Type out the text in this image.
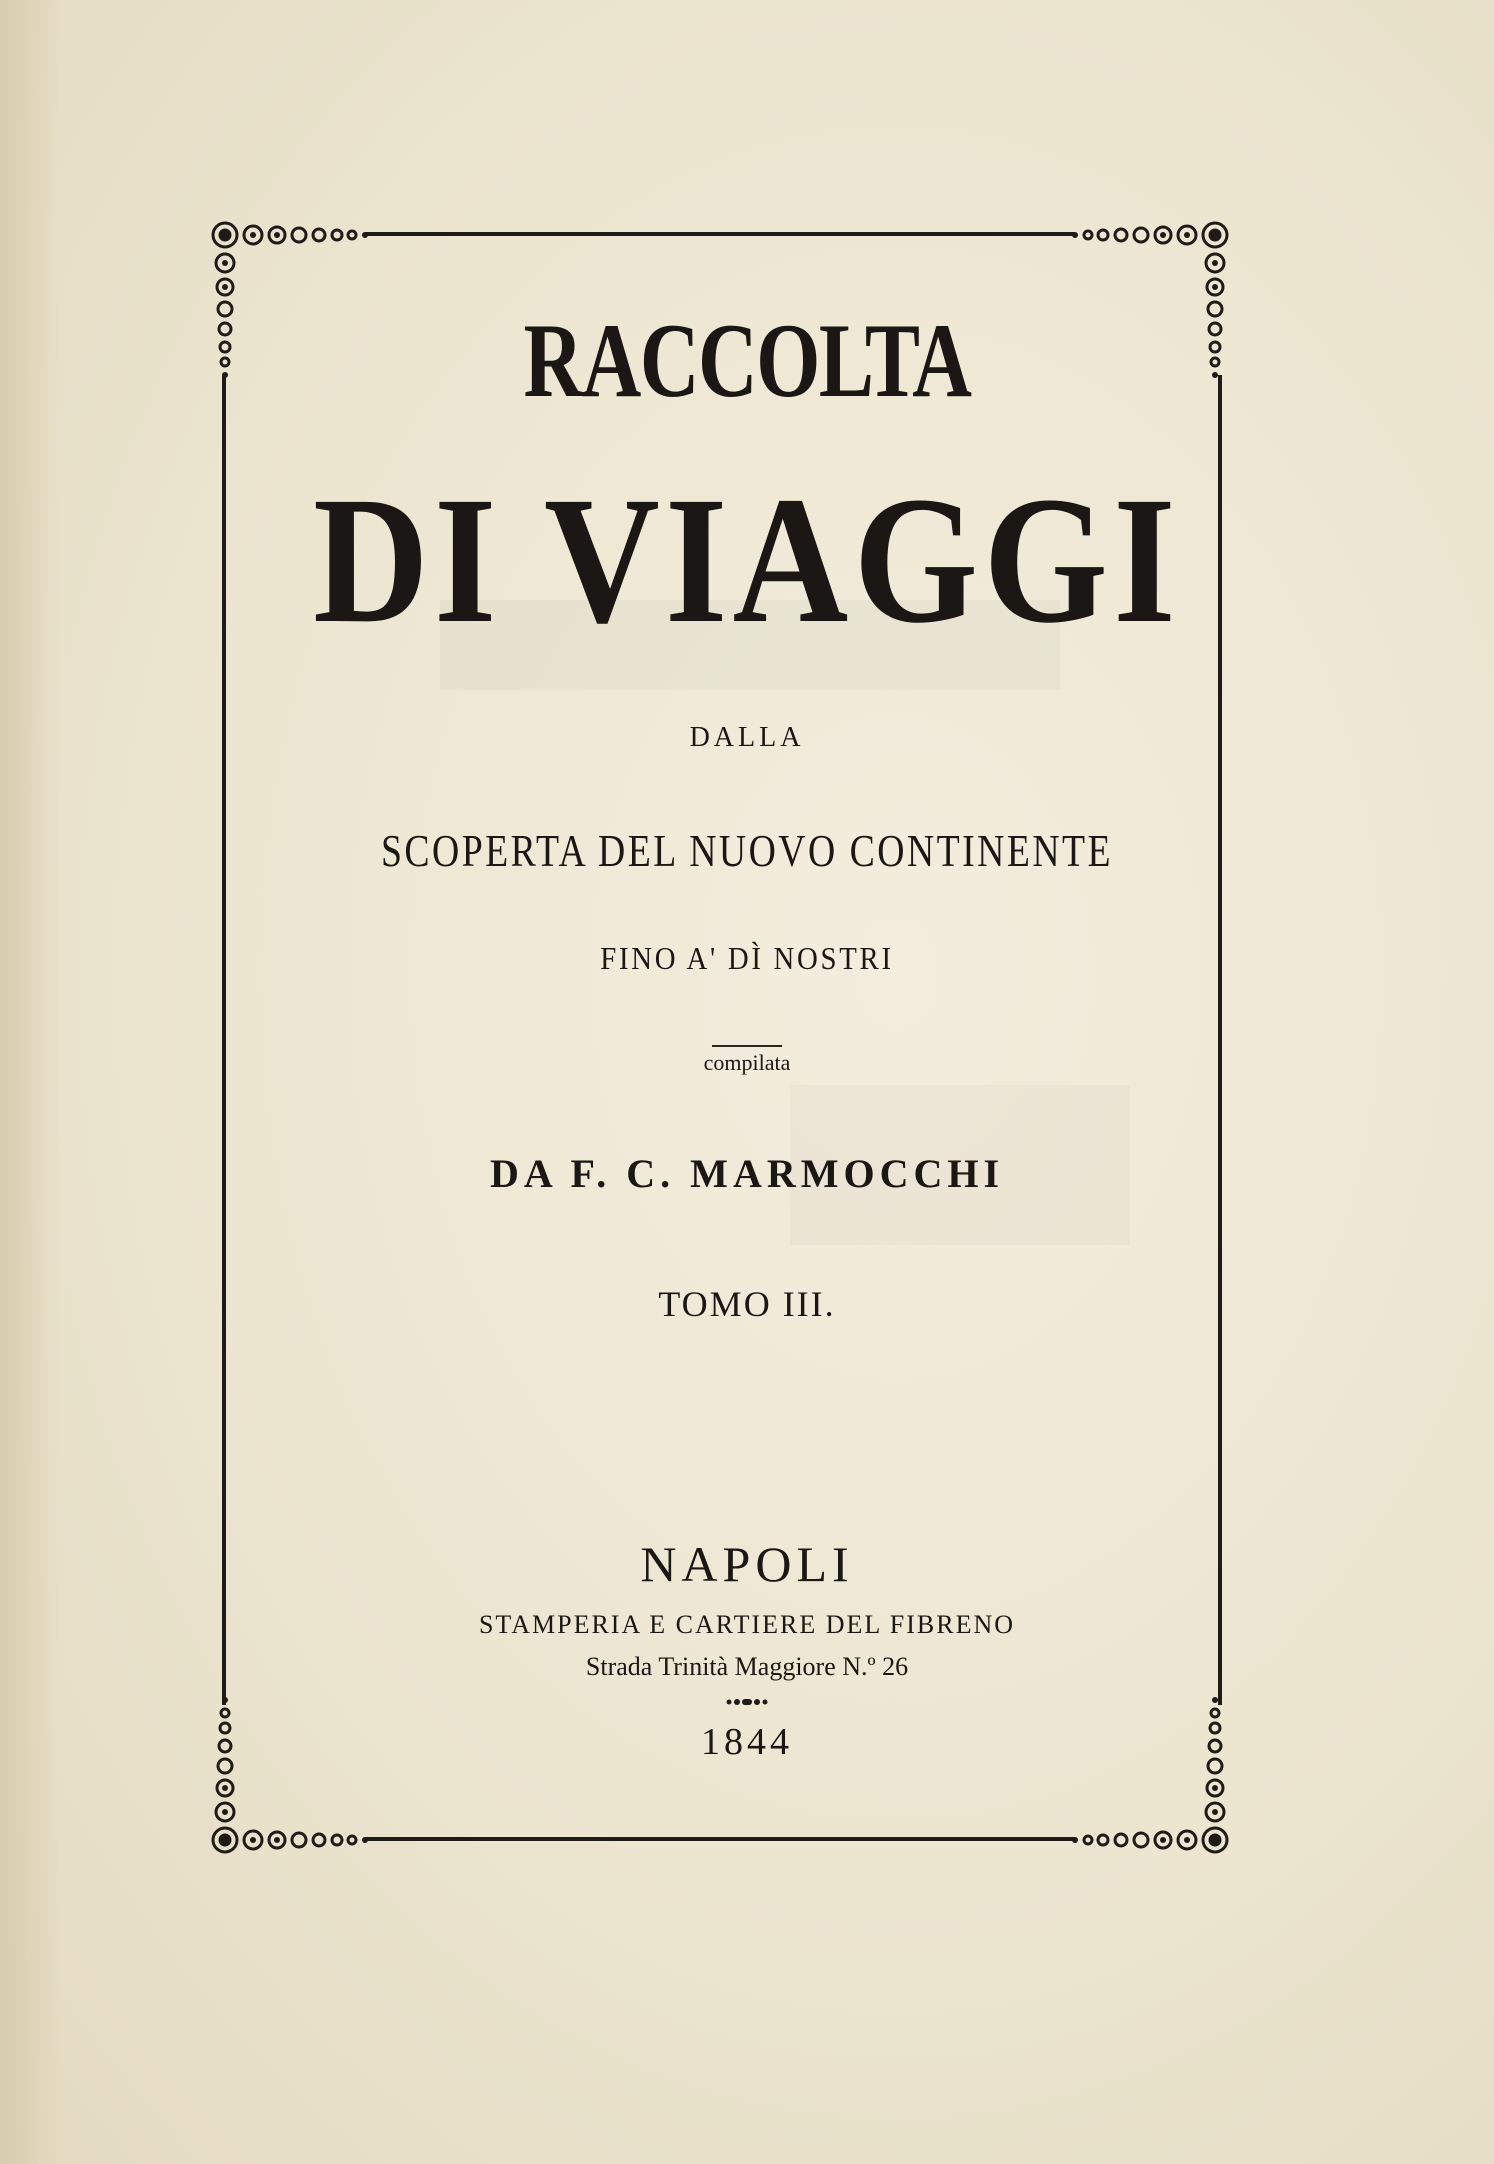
RACCOLTA
DI VIAGGI
DALLA
SCOPERTA DEL NUOVO CONTINENTE
FINO A' DÌ NOSTRI
compilata
DA F. C. MARMOCCHI
TOMO III.
NAPOLI
STAMPERIA E CARTIERE DEL FIBRENO
Strada Trinità Maggiore N.º 26
1844
